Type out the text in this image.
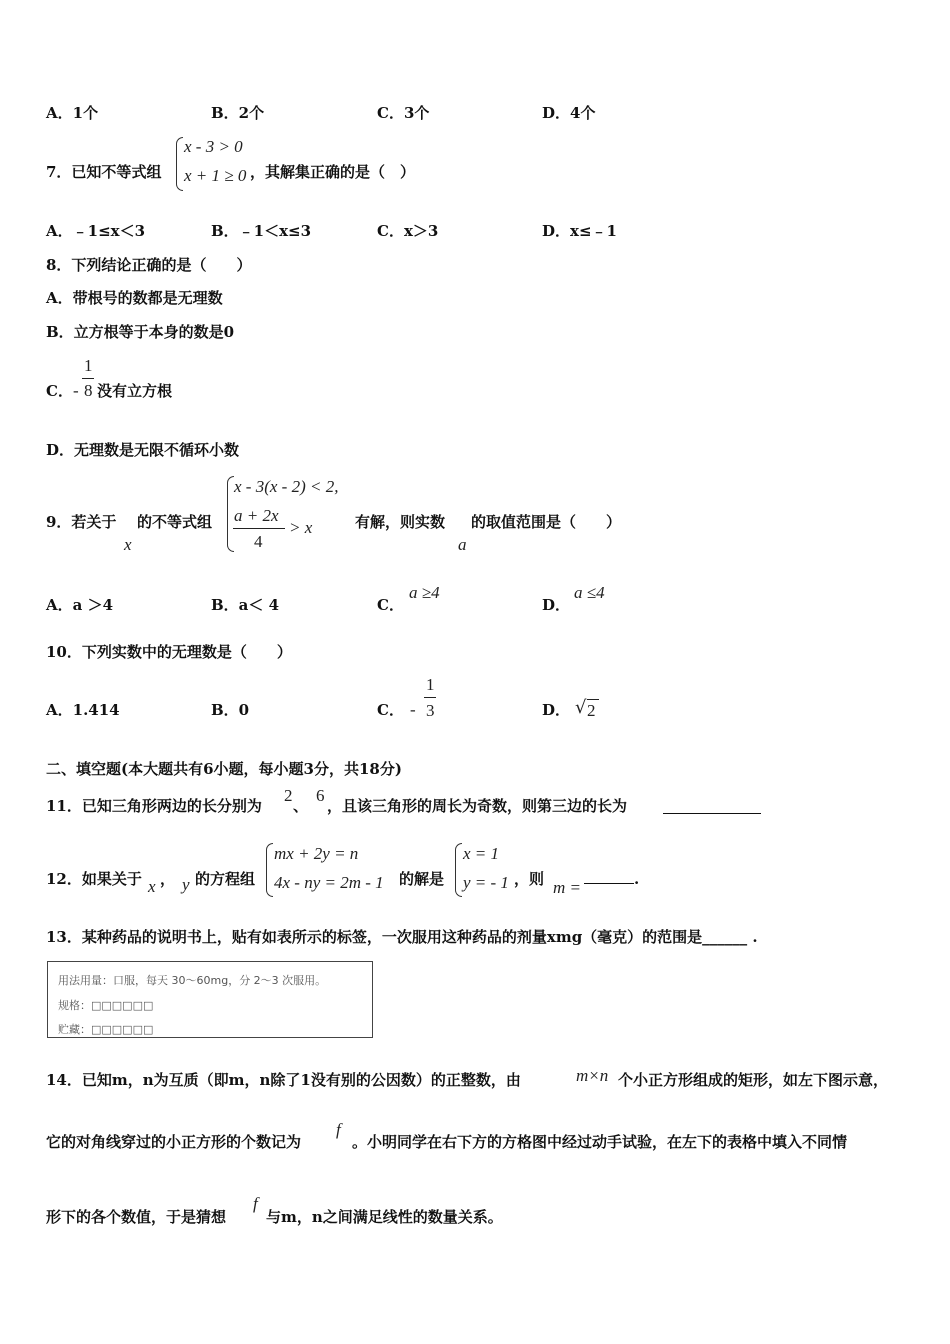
A．1个	B．2个	C．3个	D．4个
7．已知不等式组
x - 3 > 0
x + 1 ≥ 0 ，其解集正确的是（　）
A．﹣1≤x＜3	B．﹣1＜x≤3	C．x＞3	D．x≤﹣1
8．下列结论正确的是（　　）
A．带根号的数都是无理数
B．立方根等于本身的数是0
C． -
1
8 没有立方根
D．无理数是无限不循环小数
9．若关于
x
的不等式组
x - 3(x - 2) < 2,
a + 2x
4
> x	有解，则实数
a
的取值范围是（　　）
A．a ＞4	B．a＜ 4	C．
a ≥4
D．
a ≤4
10．下列实数中的无理数是（　　）
A．1.414	B．0	C． -
1
3	D． √ 2
二、填空题(本大题共有6小题，每小题3分，共18分)
11．已知三角形两边的长分别为
2
、
6
，且该三角形的周长为奇数，则第三边的长为
12．如果关于 x ， y 的方程组
mx + 2y = n
4x - ny = 2m - 1 的解是
x = 1
y = - 1 ，则 m =	.
13．某种药品的说明书上，贴有如表所示的标签，一次服用这种药品的剂量xmg（毫克）的范围是______ .
用法用量：口服，每天 30～60mg，分 2～3 次服用。
规格：□□□□□□
贮藏：□□□□□□
14．已知m，n为互质（即m，n除了1没有别的公因数）的正整数，由	m×n 个小正方形组成的矩形，如左下图示意，
它的对角线穿过的小正方形的个数记为
f
。小明同学在右下方的方格图中经过动手试验，在左下的表格中填入不同情
形下的各个数值，于是猜想
f
与m，n之间满足线性的数量关系。
